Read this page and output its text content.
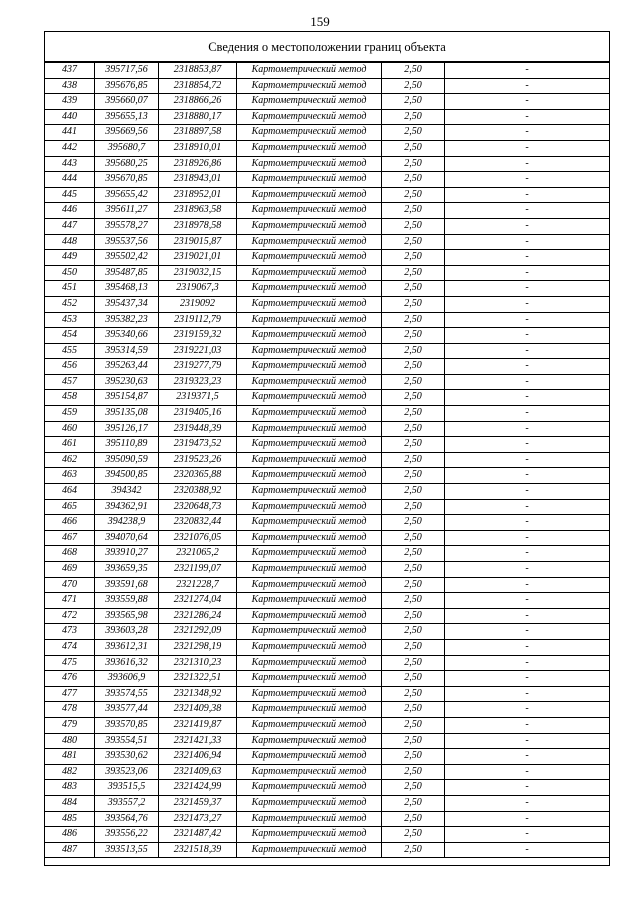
159
Сведения о местоположении границ объекта
437	395717,56	2318853,87	Картометрический метод	2,50	-
438	395676,85	2318854,72	Картометрический метод	2,50	-
439	395660,07	2318866,26	Картометрический метод	2,50	-
440	395655,13	2318880,17	Картометрический метод	2,50	-
441	395669,56	2318897,58	Картометрический метод	2,50	-
442	395680,7	2318910,01	Картометрический метод	2,50	-
443	395680,25	2318926,86	Картометрический метод	2,50	-
444	395670,85	2318943,01	Картометрический метод	2,50	-
445	395655,42	2318952,01	Картометрический метод	2,50	-
446	395611,27	2318963,58	Картометрический метод	2,50	-
447	395578,27	2318978,58	Картометрический метод	2,50	-
448	395537,56	2319015,87	Картометрический метод	2,50	-
449	395502,42	2319021,01	Картометрический метод	2,50	-
450	395487,85	2319032,15	Картометрический метод	2,50	-
451	395468,13	2319067,3	Картометрический метод	2,50	-
452	395437,34	2319092	Картометрический метод	2,50	-
453	395382,23	2319112,79	Картометрический метод	2,50	-
454	395340,66	2319159,32	Картометрический метод	2,50	-
455	395314,59	2319221,03	Картометрический метод	2,50	-
456	395263,44	2319277,79	Картометрический метод	2,50	-
457	395230,63	2319323,23	Картометрический метод	2,50	-
458	395154,87	2319371,5	Картометрический метод	2,50	-
459	395135,08	2319405,16	Картометрический метод	2,50	-
460	395126,17	2319448,39	Картометрический метод	2,50	-
461	395110,89	2319473,52	Картометрический метод	2,50	-
462	395090,59	2319523,26	Картометрический метод	2,50	-
463	394500,85	2320365,88	Картометрический метод	2,50	-
464	394342	2320388,92	Картометрический метод	2,50	-
465	394362,91	2320648,73	Картометрический метод	2,50	-
466	394238,9	2320832,44	Картометрический метод	2,50	-
467	394070,64	2321076,05	Картометрический метод	2,50	-
468	393910,27	2321065,2	Картометрический метод	2,50	-
469	393659,35	2321199,07	Картометрический метод	2,50	-
470	393591,68	2321228,7	Картометрический метод	2,50	-
471	393559,88	2321274,04	Картометрический метод	2,50	-
472	393565,98	2321286,24	Картометрический метод	2,50	-
473	393603,28	2321292,09	Картометрический метод	2,50	-
474	393612,31	2321298,19	Картометрический метод	2,50	-
475	393616,32	2321310,23	Картометрический метод	2,50	-
476	393606,9	2321322,51	Картометрический метод	2,50	-
477	393574,55	2321348,92	Картометрический метод	2,50	-
478	393577,44	2321409,38	Картометрический метод	2,50	-
479	393570,85	2321419,87	Картометрический метод	2,50	-
480	393554,51	2321421,33	Картометрический метод	2,50	-
481	393530,62	2321406,94	Картометрический метод	2,50	-
482	393523,06	2321409,63	Картометрический метод	2,50	-
483	393515,5	2321424,99	Картометрический метод	2,50	-
484	393557,2	2321459,37	Картометрический метод	2,50	-
485	393564,76	2321473,27	Картометрический метод	2,50	-
486	393556,22	2321487,42	Картометрический метод	2,50	-
487	393513,55	2321518,39	Картометрический метод	2,50	-
